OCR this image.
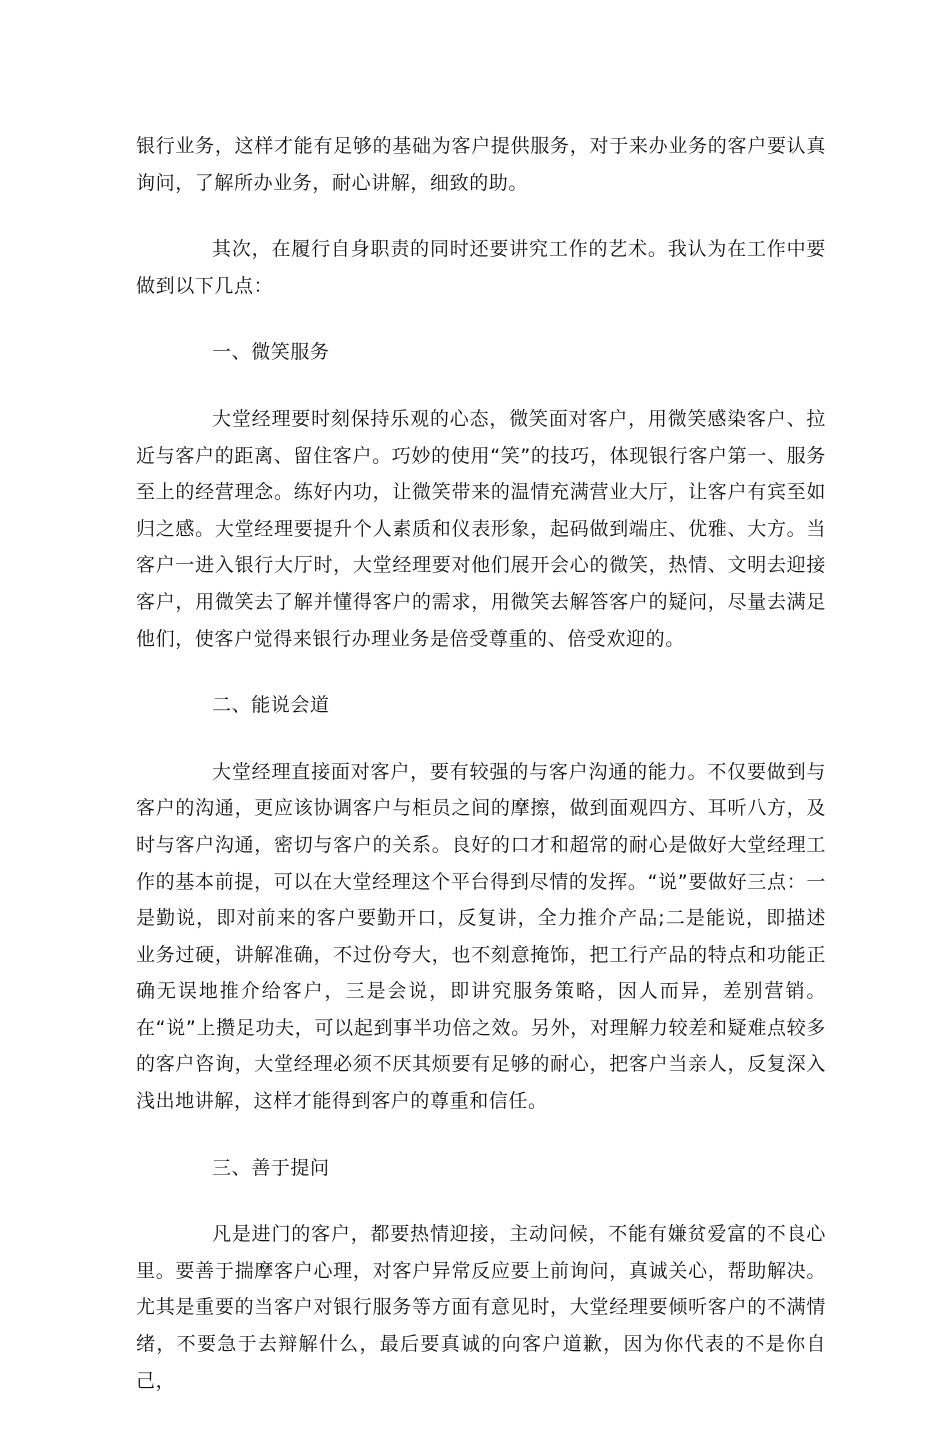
银行业务，这样才能有足够的基础为客户提供服务，对于来办业务的客户要认真询问，了解所办业务，耐心讲解，细致的助。

其次，在履行自身职责的同时还要讲究工作的艺术。我认为在工作中要做到以下几点：

一、微笑服务

大堂经理要时刻保持乐观的心态，微笑面对客户，用微笑感染客户、拉近与客户的距离、留住客户。巧妙的使用“笑”的技巧，体现银行客户第一、服务至上的经营理念。练好内功，让微笑带来的温情充满营业大厅，让客户有宾至如归之感。大堂经理要提升个人素质和仪表形象，起码做到端庄、优雅、大方。当客户一进入银行大厅时，大堂经理要对他们展开会心的微笑，热情、文明去迎接客户，用微笑去了解并懂得客户的需求，用微笑去解答客户的疑问，尽量去满足他们，使客户觉得来银行办理业务是倍受尊重的、倍受欢迎的。

二、能说会道

大堂经理直接面对客户，要有较强的与客户沟通的能力。不仅要做到与客户的沟通，更应该协调客户与柜员之间的摩擦，做到面观四方、耳听八方，及时与客户沟通，密切与客户的关系。良好的口才和超常的耐心是做好大堂经理工作的基本前提，可以在大堂经理这个平台得到尽情的发挥。“说”要做好三点：一是勤说，即对前来的客户要勤开口，反复讲，全力推介产品;二是能说，即描述业务过硬，讲解准确，不过份夸大，也不刻意掩饰，把工行产品的特点和功能正确无误地推介给客户，三是会说，即讲究服务策略，因人而异，差别营销。在“说”上攒足功夫，可以起到事半功倍之效。另外，对理解力较差和疑难点较多的客户咨询，大堂经理必须不厌其烦要有足够的耐心，把客户当亲人，反复深入浅出地讲解，这样才能得到客户的尊重和信任。

三、善于提问

凡是进门的客户，都要热情迎接，主动问候，不能有嫌贫爱富的不良心里。要善于揣摩客户心理，对客户异常反应要上前询问，真诚关心，帮助解决。尤其是重要的当客户对银行服务等方面有意见时，大堂经理要倾听客户的不满情绪，不要急于去辩解什么，最后要真诚的向客户道歉，因为你代表的不是你自己，
